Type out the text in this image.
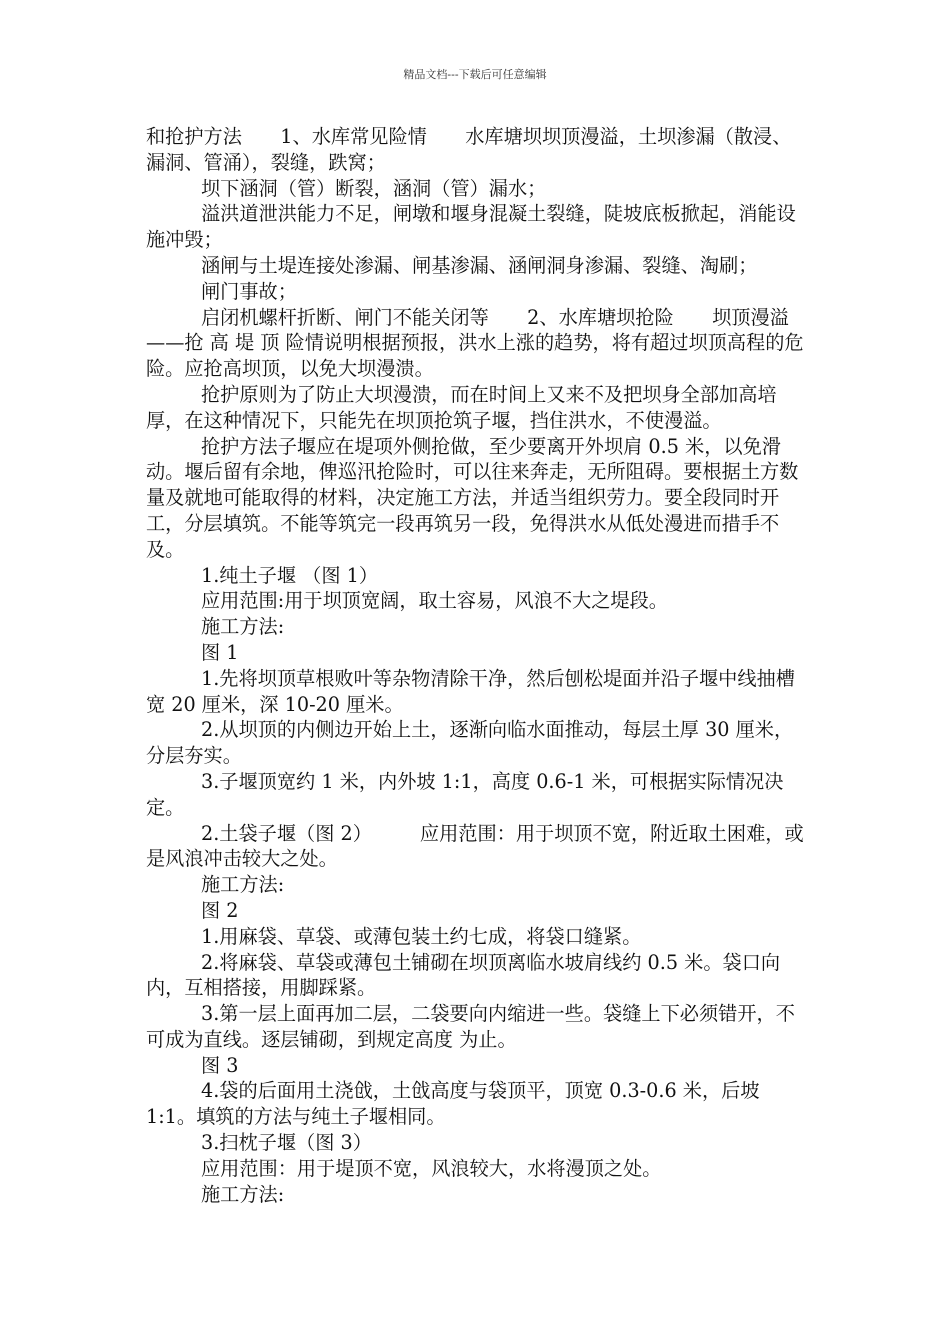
精品文档---下载后可任意编辑

和抢护方法　　1、水库常见险情　　水库塘坝坝顶漫溢，土坝渗漏（散浸、漏洞、管涌），裂缝，跌窝；

坝下涵洞（管）断裂，涵洞（管）漏水；

溢洪道泄洪能力不足，闸墩和堰身混凝土裂缝，陡坡底板掀起，消能设施冲毁；

涵闸与土堤连接处渗漏、闸基渗漏、涵闸洞身渗漏、裂缝、淘刷；

闸门事故；

启闭机螺杆折断、闸门不能关闭等　　2、水库塘坝抢险　　坝顶漫溢——抢 高 堤 顶 险情说明根据预报，洪水上涨的趋势，将有超过坝顶高程的危险。应抢高坝顶，以免大坝漫溃。

抢护原则为了防止大坝漫溃，而在时间上又来不及把坝身全部加高培厚，在这种情况下，只能先在坝顶抢筑子堰，挡住洪水，不使漫溢。

抢护方法子堰应在堤项外侧抢做，至少要离开外坝肩 0.5 米，以免滑动。堰后留有余地，俾巡汛抢险时，可以往来奔走，无所阻碍。要根据土方数量及就地可能取得的材料，决定施工方法，并适当组织劳力。要全段同时开工，分层填筑。不能等筑完一段再筑另一段，免得洪水从低处漫进而措手不及。

1.纯土子堰 （图 1）

应用范围:用于坝顶宽阔，取土容易，风浪不大之堤段。

施工方法:

图 1

1.先将坝顶草根败叶等杂物清除干净，然后刨松堤面并沿子堰中线抽槽宽 20 厘米，深 10-20 厘米。

2.从坝顶的内侧边开始上土，逐渐向临水面推动，每层土厚 30 厘米，分层夯实。

3.子堰顶宽约 1 米，内外坡 1:1，高度 0.6-1 米，可根据实际情况决定。

2.土袋子堰（图 2）　　　应用范围：用于坝顶不宽，附近取土困难，或是风浪冲击较大之处。

施工方法:

图 2

1.用麻袋、草袋、或薄包装土约七成，将袋口缝紧。

2.将麻袋、草袋或薄包土铺砌在坝顶离临水坡肩线约 0.5 米。袋口向内，互相搭接，用脚踩紧。

3.第一层上面再加二层，二袋要向内缩进一些。袋缝上下必须错开，不可成为直线。逐层铺砌，到规定高度 为止。

图 3

4.袋的后面用土浇戗，土戗高度与袋顶平，顶宽 0.3-0.6 米，后坡 1:1。填筑的方法与纯土子堰相同。

3.扫枕子堰（图 3）

应用范围：用于堤顶不宽，风浪较大，水将漫顶之处。

施工方法:
